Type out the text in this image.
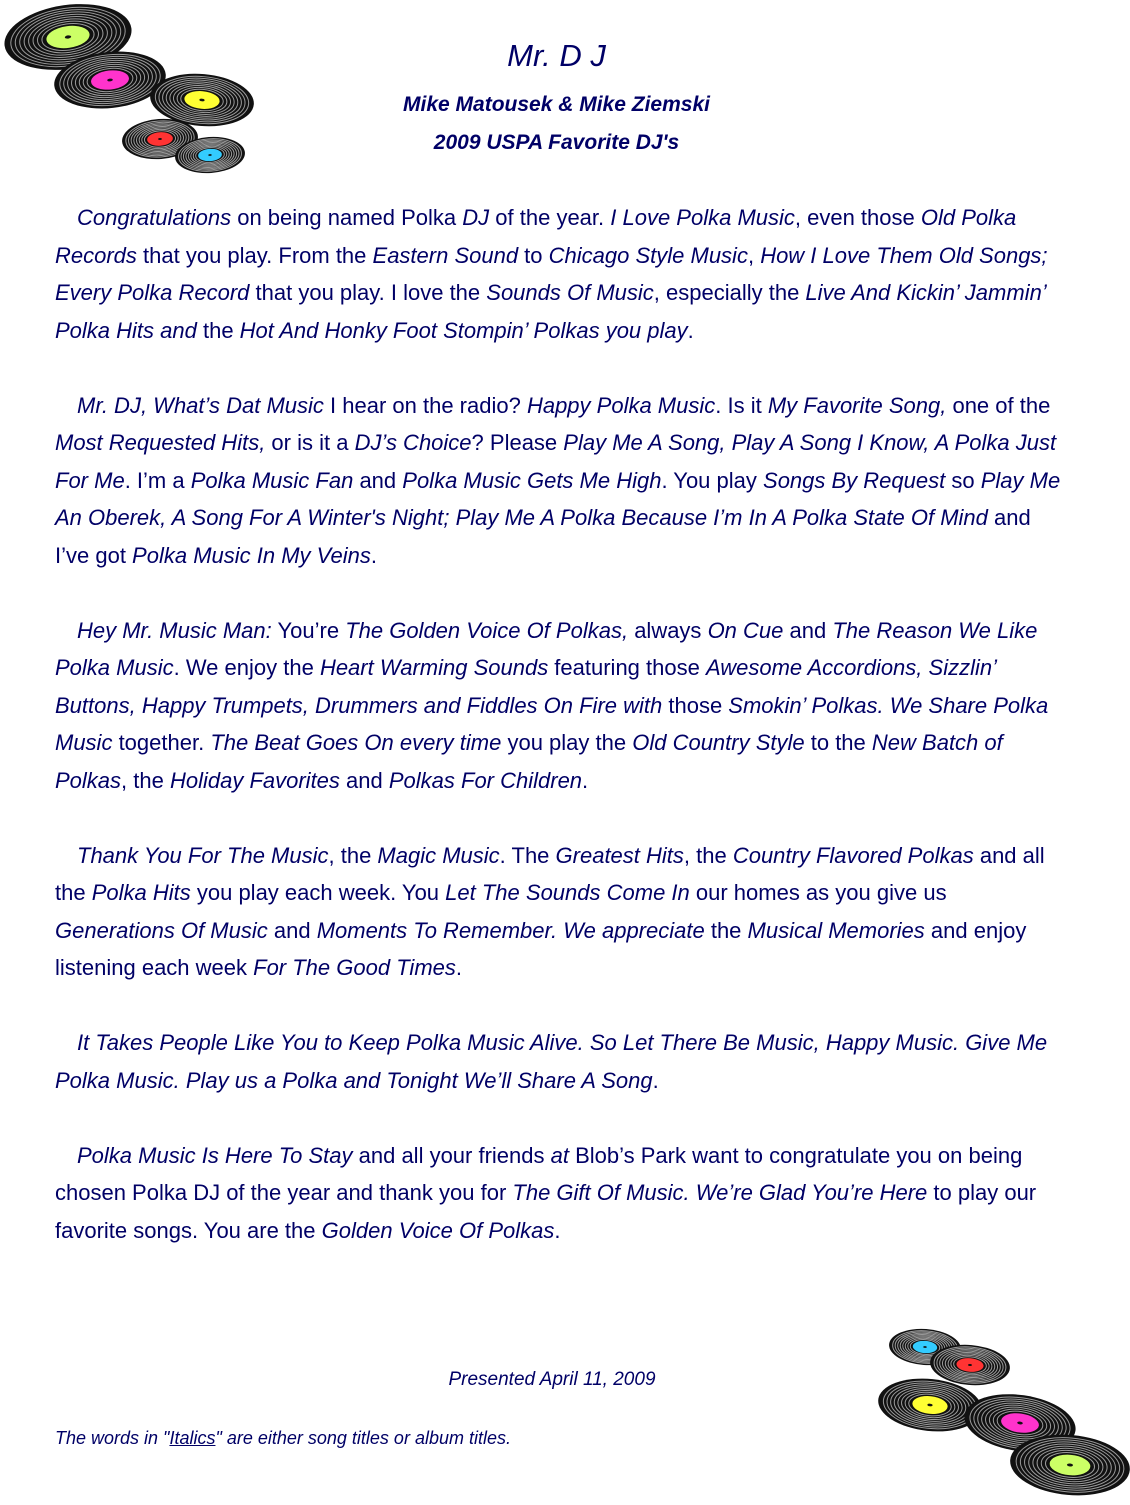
Mr. D J
Mike Matousek & Mike Ziemski
2009 USPA Favorite DJ's

Congratulations on being named Polka DJ of the year. I Love Polka Music, even those Old Polka Records that you play. From the Eastern Sound to Chicago Style Music, How I Love Them Old Songs; Every Polka Record that you play. I love the Sounds Of Music, especially the Live And Kickin’ Jammin’ Polka Hits and the Hot And Honky Foot Stompin’ Polkas you play.

Mr. DJ, What’s Dat Music I hear on the radio? Happy Polka Music. Is it My Favorite Song, one of the Most Requested Hits, or is it a DJ’s Choice? Please Play Me A Song, Play A Song I Know, A Polka Just For Me. I’m a Polka Music Fan and Polka Music Gets Me High. You play Songs By Request so Play Me An Oberek, A Song For A Winter's Night; Play Me A Polka Because I’m In A Polka State Of Mind and I’ve got Polka Music In My Veins.

Hey Mr. Music Man: You’re The Golden Voice Of Polkas, always On Cue and The Reason We Like Polka Music. We enjoy the Heart Warming Sounds featuring those Awesome Accordions, Sizzlin’ Buttons, Happy Trumpets, Drummers and Fiddles On Fire with those Smokin’ Polkas. We Share Polka Music together. The Beat Goes On every time you play the Old Country Style to the New Batch of Polkas, the Holiday Favorites and Polkas For Children.

Thank You For The Music, the Magic Music. The Greatest Hits, the Country Flavored Polkas and all the Polka Hits you play each week. You Let The Sounds Come In our homes as you give us Generations Of Music and Moments To Remember. We appreciate the Musical Memories and enjoy listening each week For The Good Times.

It Takes People Like You to Keep Polka Music Alive. So Let There Be Music, Happy Music. Give Me Polka Music. Play us a Polka and Tonight We’ll Share A Song.

Polka Music Is Here To Stay and all your friends at Blob’s Park want to congratulate you on being chosen Polka DJ of the year and thank you for The Gift Of Music. We’re Glad You’re Here to play our favorite songs. You are the Golden Voice Of Polkas.

Presented April 11, 2009
The words in "Italics" are either song titles or album titles.
